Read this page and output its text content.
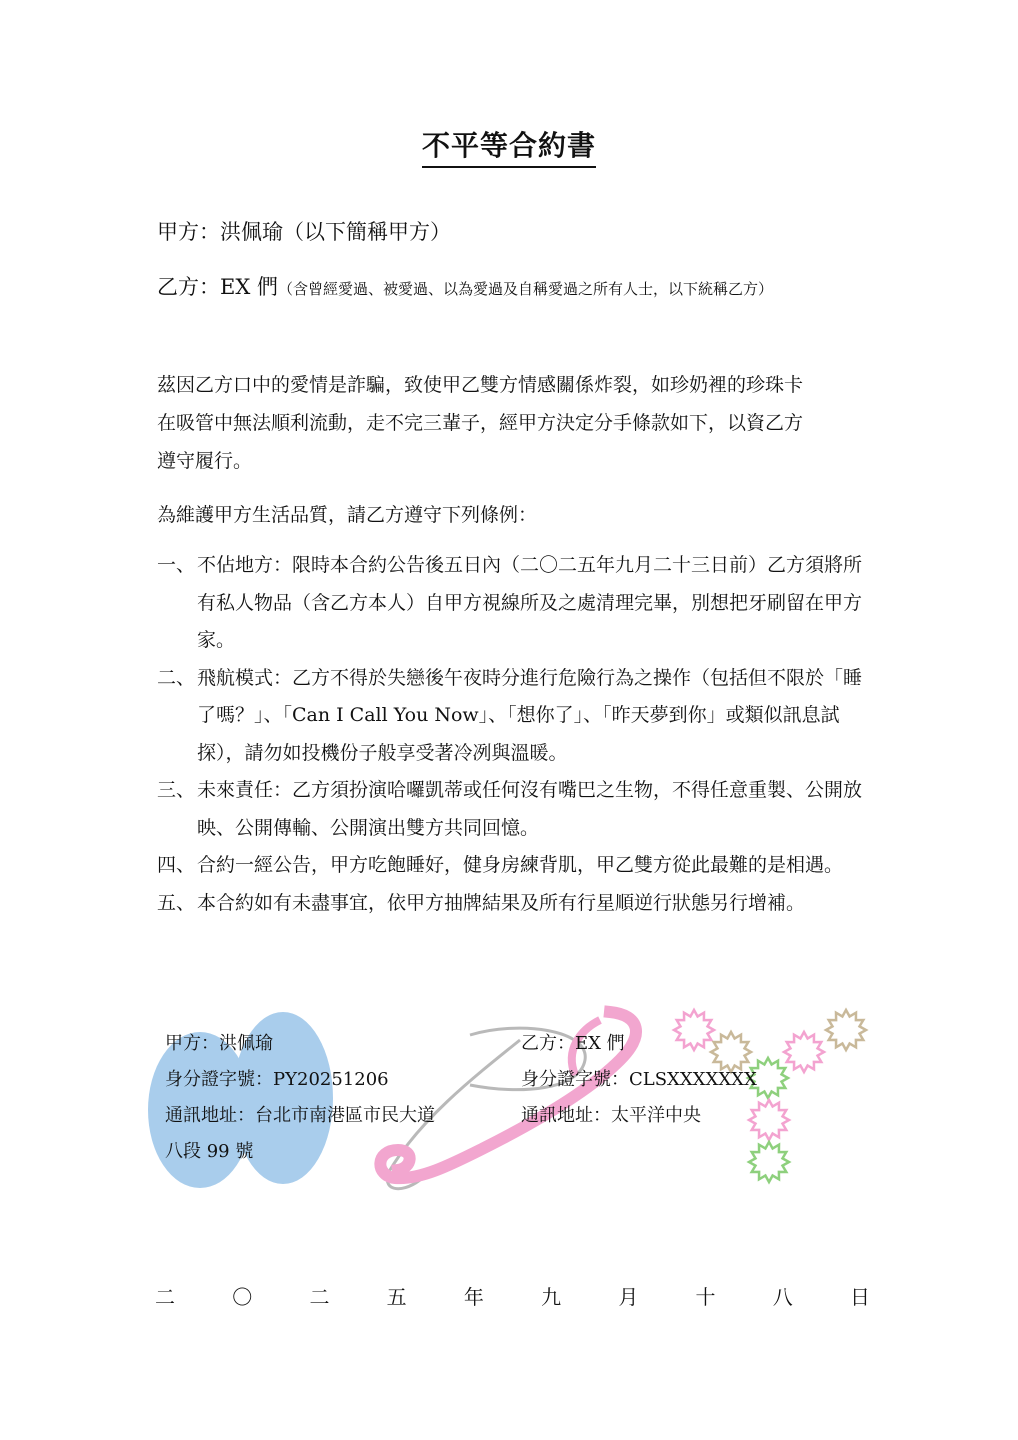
不平等合約書
甲方：洪佩瑜（以下簡稱甲方）
乙方：EX 們（含曾經愛過、被愛過、以為愛過及自稱愛過之所有人士，以下統稱乙方）
茲因乙方口中的愛情是詐騙，致使甲乙雙方情感關係炸裂，如珍奶裡的珍珠卡
在吸管中無法順利流動，走不完三輩子，經甲方決定分手條款如下，以資乙方
遵守履行。
為維護甲方生活品質，請乙方遵守下列條例：
一、 不佔地方：限時本合約公告後五日內（二〇二五年九月二十三日前）乙方須將所有私人物品（含乙方本人）自甲方視線所及之處清理完畢，別想把牙刷留在甲方家。
二、 飛航模式：乙方不得於失戀後午夜時分進行危險行為之操作（包括但不限於「睡了嗎？」、「Can I Call You Now」、「想你了」、「昨天夢到你」或類似訊息試探），請勿如投機份子般享受著冷冽與溫暖。
三、 未來責任：乙方須扮演哈囉凱蒂或任何沒有嘴巴之生物，不得任意重製、公開放映、公開傳輸、公開演出雙方共同回憶。
四、 合約一經公告，甲方吃飽睡好，健身房練背肌，甲乙雙方從此最難的是相遇。
五、 本合約如有未盡事宜，依甲方抽牌結果及所有行星順逆行狀態另行增補。
甲方：洪佩瑜
身分證字號：PY20251206
通訊地址：台北市南港區市民大道
八段 99 號
乙方：EX 們
身分證字號：CLSXXXXXXX
通訊地址：太平洋中央
二	〇	二	五	年	九	月	十	八	日
